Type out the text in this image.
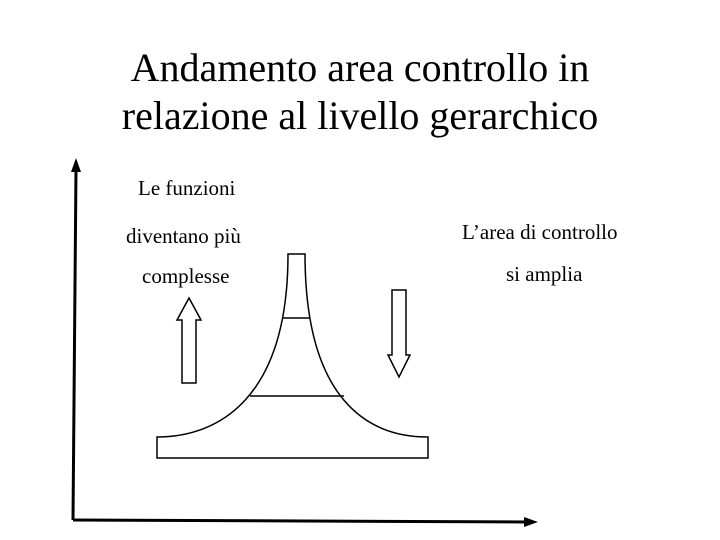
Andamento area controllo in
relazione al livello gerarchico
Le funzioni
diventano più
complesse
L’area di controllo
si amplia
